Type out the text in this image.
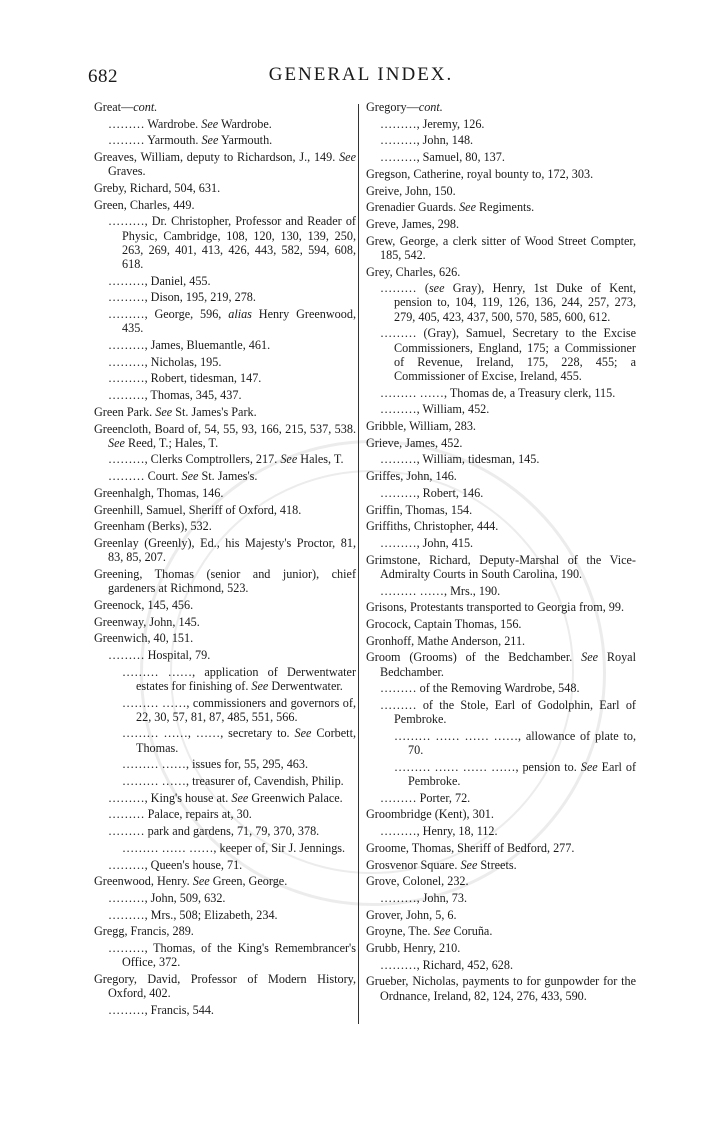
682	GENERAL INDEX.
Great—cont.
……… Wardrobe. See Wardrobe.
……… Yarmouth. See Yarmouth.
Greaves, William, deputy to Richardson, J., 149. See Graves.
Greby, Richard, 504, 631.
Green, Charles, 449.
………, Dr. Christopher, Professor and Reader of Physic, Cambridge, 108, 120, 130, 139, 250, 263, 269, 401, 413, 426, 443, 582, 594, 608, 618.
………, Daniel, 455.
………, Dison, 195, 219, 278.
………, George, 596, alias Henry Greenwood, 435.
………, James, Bluemantle, 461.
………, Nicholas, 195.
………, Robert, tidesman, 147.
………, Thomas, 345, 437.
Green Park. See St. James's Park.
Greencloth, Board of, 54, 55, 93, 166, 215, 537, 538. See Reed, T.; Hales, T.
………, Clerks Comptrollers, 217. See Hales, T.
……… Court. See St. James's.
Greenhalgh, Thomas, 146.
Greenhill, Samuel, Sheriff of Oxford, 418.
Greenham (Berks), 532.
Greenlay (Greenly), Ed., his Majesty's Proctor, 81, 83, 85, 207.
Greening, Thomas (senior and junior), chief gardeners at Richmond, 523.
Greenock, 145, 456.
Greenway, John, 145.
Greenwich, 40, 151.
……… Hospital, 79.
……… ……, application of Derwentwater estates for finishing of. See Derwentwater.
……… ……, commissioners and governors of, 22, 30, 57, 81, 87, 485, 551, 566.
……… ……, ……, secretary to. See Corbett, Thomas.
……… ……, issues for, 55, 295, 463.
……… ……, treasurer of, Cavendish, Philip.
………, King's house at. See Greenwich Palace.
……… Palace, repairs at, 30.
……… park and gardens, 71, 79, 370, 378.
……… …… ……, keeper of, Sir J. Jennings.
………, Queen's house, 71.
Greenwood, Henry. See Green, George.
………, John, 509, 632.
………, Mrs., 508; Elizabeth, 234.
Gregg, Francis, 289.
………, Thomas, of the King's Remembrancer's Office, 372.
Gregory, David, Professor of Modern History, Oxford, 402.
………, Francis, 544.
Gregory—cont.
………, Jeremy, 126.
………, John, 148.
………, Samuel, 80, 137.
Gregson, Catherine, royal bounty to, 172, 303.
Greive, John, 150.
Grenadier Guards. See Regiments.
Greve, James, 298.
Grew, George, a clerk sitter of Wood Street Compter, 185, 542.
Grey, Charles, 626.
……… (see Gray), Henry, 1st Duke of Kent, pension to, 104, 119, 126, 136, 244, 257, 273, 279, 405, 423, 437, 500, 570, 585, 600, 612.
……… (Gray), Samuel, Secretary to the Excise Commissioners, England, 175; a Commissioner of Revenue, Ireland, 175, 228, 455; a Commissioner of Excise, Ireland, 455.
……… ……, Thomas de, a Treasury clerk, 115.
………, William, 452.
Gribble, William, 283.
Grieve, James, 452.
………, William, tidesman, 145.
Griffes, John, 146.
………, Robert, 146.
Griffin, Thomas, 154.
Griffiths, Christopher, 444.
………, John, 415.
Grimstone, Richard, Deputy-Marshal of the Vice-Admiralty Courts in South Carolina, 190.
……… ……, Mrs., 190.
Grisons, Protestants transported to Georgia from, 99.
Grocock, Captain Thomas, 156.
Gronhoff, Mathe Anderson, 211.
Groom (Grooms) of the Bedchamber. See Royal Bedchamber.
……… of the Removing Wardrobe, 548.
……… of the Stole, Earl of Godolphin, Earl of Pembroke.
……… …… …… ……, allowance of plate to, 70.
……… …… …… ……, pension to. See Earl of Pembroke.
……… Porter, 72.
Groombridge (Kent), 301.
………, Henry, 18, 112.
Groome, Thomas, Sheriff of Bedford, 277.
Grosvenor Square. See Streets.
Grove, Colonel, 232.
………, John, 73.
Grover, John, 5, 6.
Groyne, The. See Coruña.
Grubb, Henry, 210.
………, Richard, 452, 628.
Grueber, Nicholas, payments to for gunpowder for the Ordnance, Ireland, 82, 124, 276, 433, 590.
